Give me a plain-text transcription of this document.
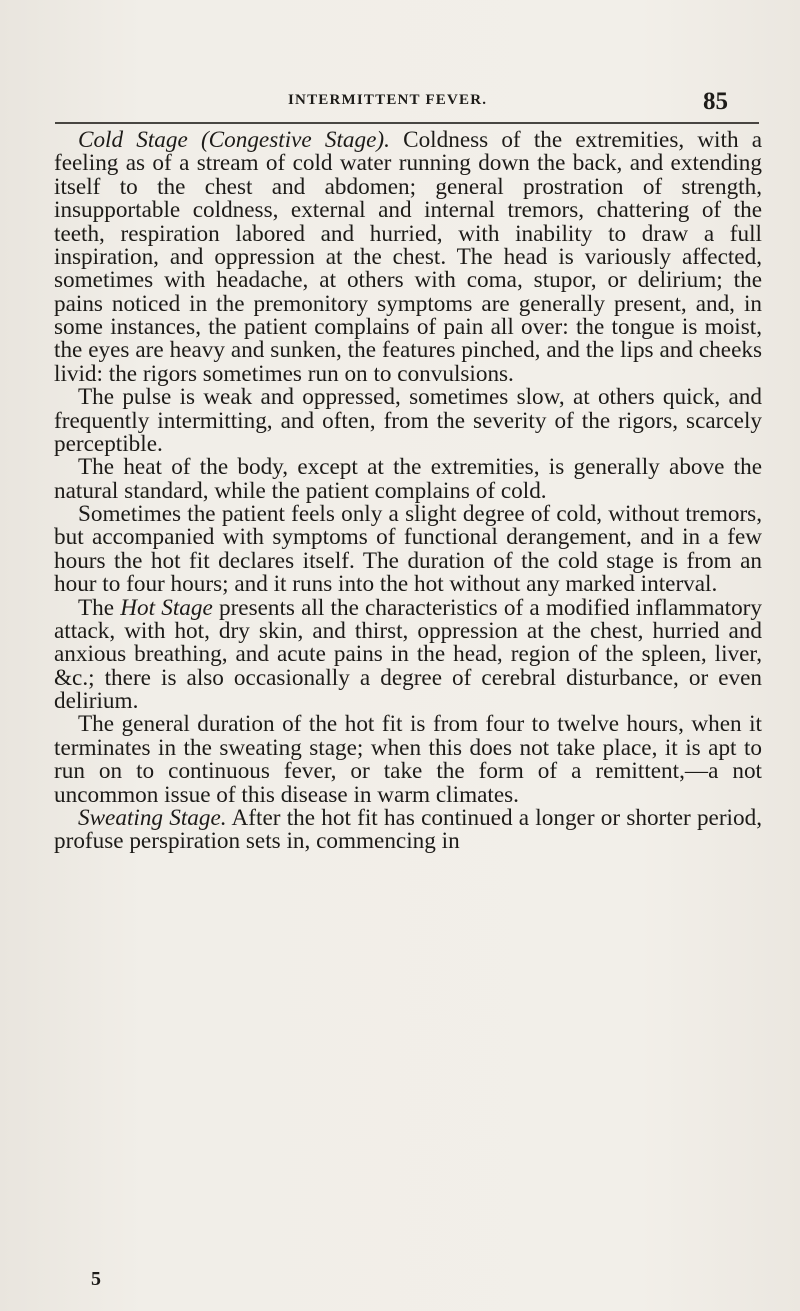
INTERMITTENT FEVER.	85

Cold Stage (Congestive Stage). Coldness of the extremities, with a feeling as of a stream of cold water running down the back, and extending itself to the chest and abdomen; general prostration of strength, insupportable coldness, external and internal tremors, chattering of the teeth, respiration labored and hurried, with inability to draw a full inspiration, and oppression at the chest. The head is variously affected, sometimes with headache, at others with coma, stupor, or delirium; the pains noticed in the premonitory symptoms are generally present, and, in some instances, the patient complains of pain all over: the tongue is moist, the eyes are heavy and sunken, the features pinched, and the lips and cheeks livid: the rigors sometimes run on to convulsions.

The pulse is weak and oppressed, sometimes slow, at others quick, and frequently intermitting, and often, from the severity of the rigors, scarcely perceptible.

The heat of the body, except at the extremities, is generally above the natural standard, while the patient complains of cold.

Sometimes the patient feels only a slight degree of cold, without tremors, but accompanied with symptoms of functional derangement, and in a few hours the hot fit declares itself. The duration of the cold stage is from an hour to four hours; and it runs into the hot without any marked interval.

The Hot Stage presents all the characteristics of a modified inflammatory attack, with hot, dry skin, and thirst, oppression at the chest, hurried and anxious breathing, and acute pains in the head, region of the spleen, liver, &c.; there is also occasionally a degree of cerebral disturbance, or even delirium.

The general duration of the hot fit is from four to twelve hours, when it terminates in the sweating stage; when this does not take place, it is apt to run on to continuous fever, or take the form of a remittent,—a not uncommon issue of this disease in warm climates.

Sweating Stage. After the hot fit has continued a longer or shorter period, profuse perspiration sets in, commencing in

5
